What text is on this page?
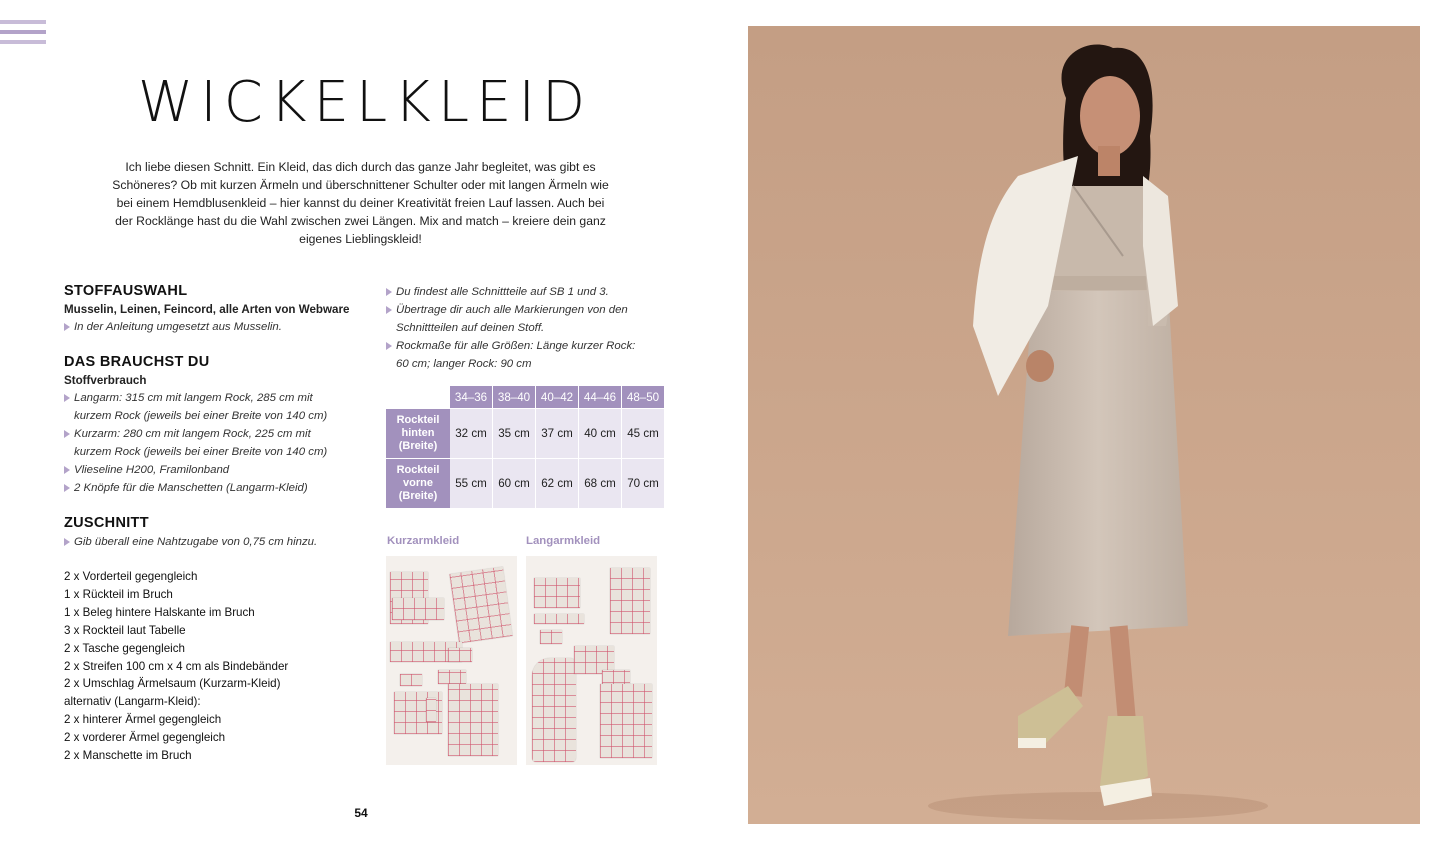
WICKELKLEID
Ich liebe diesen Schnitt. Ein Kleid, das dich durch das ganze Jahr begleitet, was gibt es Schöneres? Ob mit kurzen Ärmeln und überschnittener Schulter oder mit langen Ärmeln wie bei einem Hemdblusenkleid – hier kannst du deiner Kreativität freien Lauf lassen. Auch bei der Rocklänge hast du die Wahl zwischen zwei Längen. Mix and match – kreiere dein ganz eigenes Lieblingskleid!
STOFFAUSWAHL
Musselin, Leinen, Feincord, alle Arten von Webware
In der Anleitung umgesetzt aus Musselin.
DAS BRAUCHST DU
Stoffverbrauch
Langarm: 315 cm mit langem Rock, 285 cm mit kurzem Rock (jeweils bei einer Breite von 140 cm)
Kurzarm: 280 cm mit langem Rock, 225 cm mit kurzem Rock (jeweils bei einer Breite von 140 cm)
Vlieseline H200, Framilonband
2 Knöpfe für die Manschetten (Langarm-Kleid)
ZUSCHNITT
Gib überall eine Nahtzugabe von 0,75 cm hinzu.
2 x Vorderteil gegengleich
1 x Rückteil im Bruch
1 x Beleg hintere Halskante im Bruch
3 x Rockteil laut Tabelle
2 x Tasche gegengleich
2 x Streifen 100 cm x 4 cm als Bindebänder
2 x Umschlag Ärmelsaum (Kurzarm-Kleid)
alternativ (Langarm-Kleid):
2 x hinterer Ärmel gegengleich
2 x vorderer Ärmel gegengleich
2 x Manschette im Bruch
Du findest alle Schnittteile auf SB 1 und 3.
Übertrage dir auch alle Markierungen von den Schnittteilen auf deinen Stoff.
Rockmaße für alle Größen: Länge kurzer Rock: 60 cm; langer Rock: 90 cm
	34–36	38–40	40–42	44–46	48–50
Rockteil hinten (Breite)	32 cm	35 cm	37 cm	40 cm	45 cm
Rockteil vorne (Breite)	55 cm	60 cm	62 cm	68 cm	70 cm
Kurzarmkleid	Langarmkleid
54
